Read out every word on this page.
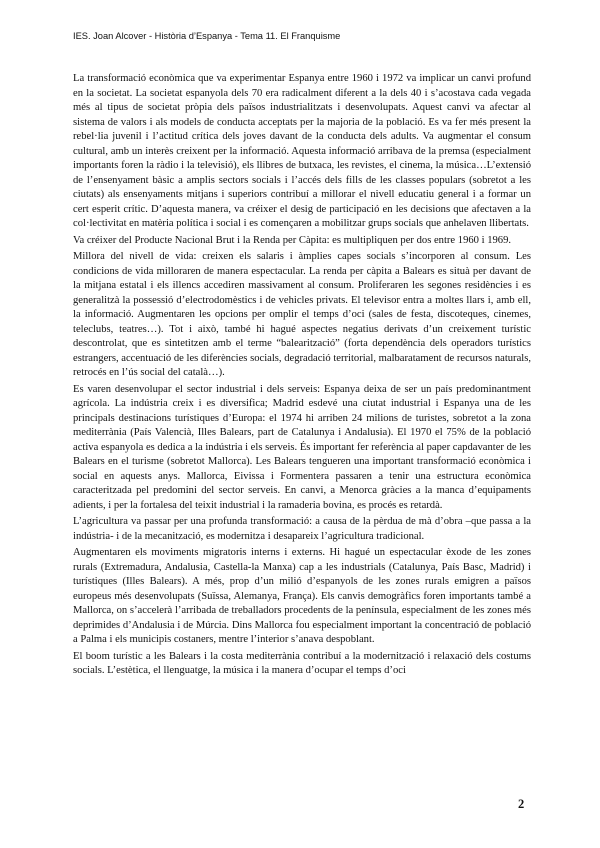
IES. Joan Alcover - Història d’Espanya - Tema 11. El Franquisme

La transformació econòmica que va experimentar Espanya entre 1960 i 1972 va implicar un canvi profund en la societat. La societat espanyola dels 70 era radicalment diferent a la dels 40 i s’acostava cada vegada més al tipus de societat pròpia dels països industrialitzats i desenvolupats. Aquest canvi va afectar al sistema de valors i als models de conducta acceptats per la majoria de la població. Es va fer més present la rebel·lia juvenil i l’actitud crítica dels joves davant de la conducta dels adults. Va augmentar el consum cultural, amb un interès creixent per la informació. Aquesta informació arribava de la premsa (especialment importants foren la ràdio i la televisió), els llibres de butxaca, les revistes, el cinema, la música…L’extensió de l’ensenyament bàsic a amplis sectors socials i l’accés dels fills de les classes populars (sobretot a les ciutats) als ensenyaments mitjans i superiors contribuí a millorar el nivell educatiu general i a formar un cert esperit crític. D’aquesta manera, va créixer el desig de participació en les decisions que afectaven a la col·lectivitat en matèria política i social i es començaren a mobilitzar grups socials que anhelaven llibertats.

Va créixer del Producte Nacional Brut i la Renda per Càpita: es multipliquen per dos entre 1960 i 1969.

Millora del nivell de vida: creixen els salaris i àmplies capes socials s’incorporen al consum. Les condicions de vida milloraren de manera espectacular. La renda per càpita a Balears es situà per davant de la mitjana estatal i els illencs accediren massivament al consum. Proliferaren les segones residències i es generalitzà la possessió d’electrodomèstics i de vehicles privats. El televisor entra a moltes llars i, amb ell, la informació. Augmentaren les opcions per omplir el temps d’oci (sales de festa, discoteques, cinemes, teleclubs, teatres…). Tot i això, també hi hagué aspectes negatius derivats d’un creixement turístic descontrolat, que es sintetitzen amb el terme “balearització” (forta dependència dels operadors turístics estrangers, accentuació de les diferències socials, degradació territorial, malbaratament de recursos naturals, retrocés en l’ús social del català…).

Es varen desenvolupar el sector industrial i dels serveis: Espanya deixa de ser un país predominantment agrícola. La indústria creix i es diversifica; Madrid esdevé una ciutat industrial i Espanya una de les principals destinacions turístiques d’Europa: el 1974 hi arriben 24 milions de turistes, sobretot a la zona mediterrània (País Valencià, Illes Balears, part de Catalunya i Andalusia). El 1970 el 75% de la població activa espanyola es dedica a la indústria i els serveis. És important fer referència al paper capdavanter de les Balears en el turisme (sobretot Mallorca). Les Balears tengueren una important transformació econòmica i social en aquests anys. Mallorca, Eivissa i Formentera passaren a tenir una estructura econòmica caracteritzada pel predomini del sector serveis. En canvi, a Menorca gràcies a la manca d’equipaments adients, i per la fortalesa del teixit industrial i la ramaderia bovina, es procés es retardà.

L’agricultura va passar per una profunda transformació: a causa de la pèrdua de mà d’obra –que passa a la indústria- i de la mecanització, es modernitza i desapareix l’agricultura tradicional.

Augmentaren els moviments migratoris interns i externs. Hi hagué un espectacular èxode de les zones rurals (Extremadura, Andalusia, Castella-la Manxa) cap a les industrials (Catalunya, País Basc, Madrid) i turístiques (Illes Balears). A més, prop d’un milió d’espanyols de les zones rurals emigren a països europeus més desenvolupats (Suïssa, Alemanya, França). Els canvis demogràfics foren importants també a Mallorca, on s’accelerà l’arribada de treballadors procedents de la península, especialment de les zones més deprimides d’Andalusia i de Múrcia. Dins Mallorca fou especialment important la concentració de població a Palma i els municipis costaners, mentre l’interior s’anava despoblant.

El boom turístic a les Balears i la costa mediterrània contribuí a la modernització i relaxació dels costums socials. L’estètica, el llenguatge, la música i la manera d’ocupar el temps d’oci

2
